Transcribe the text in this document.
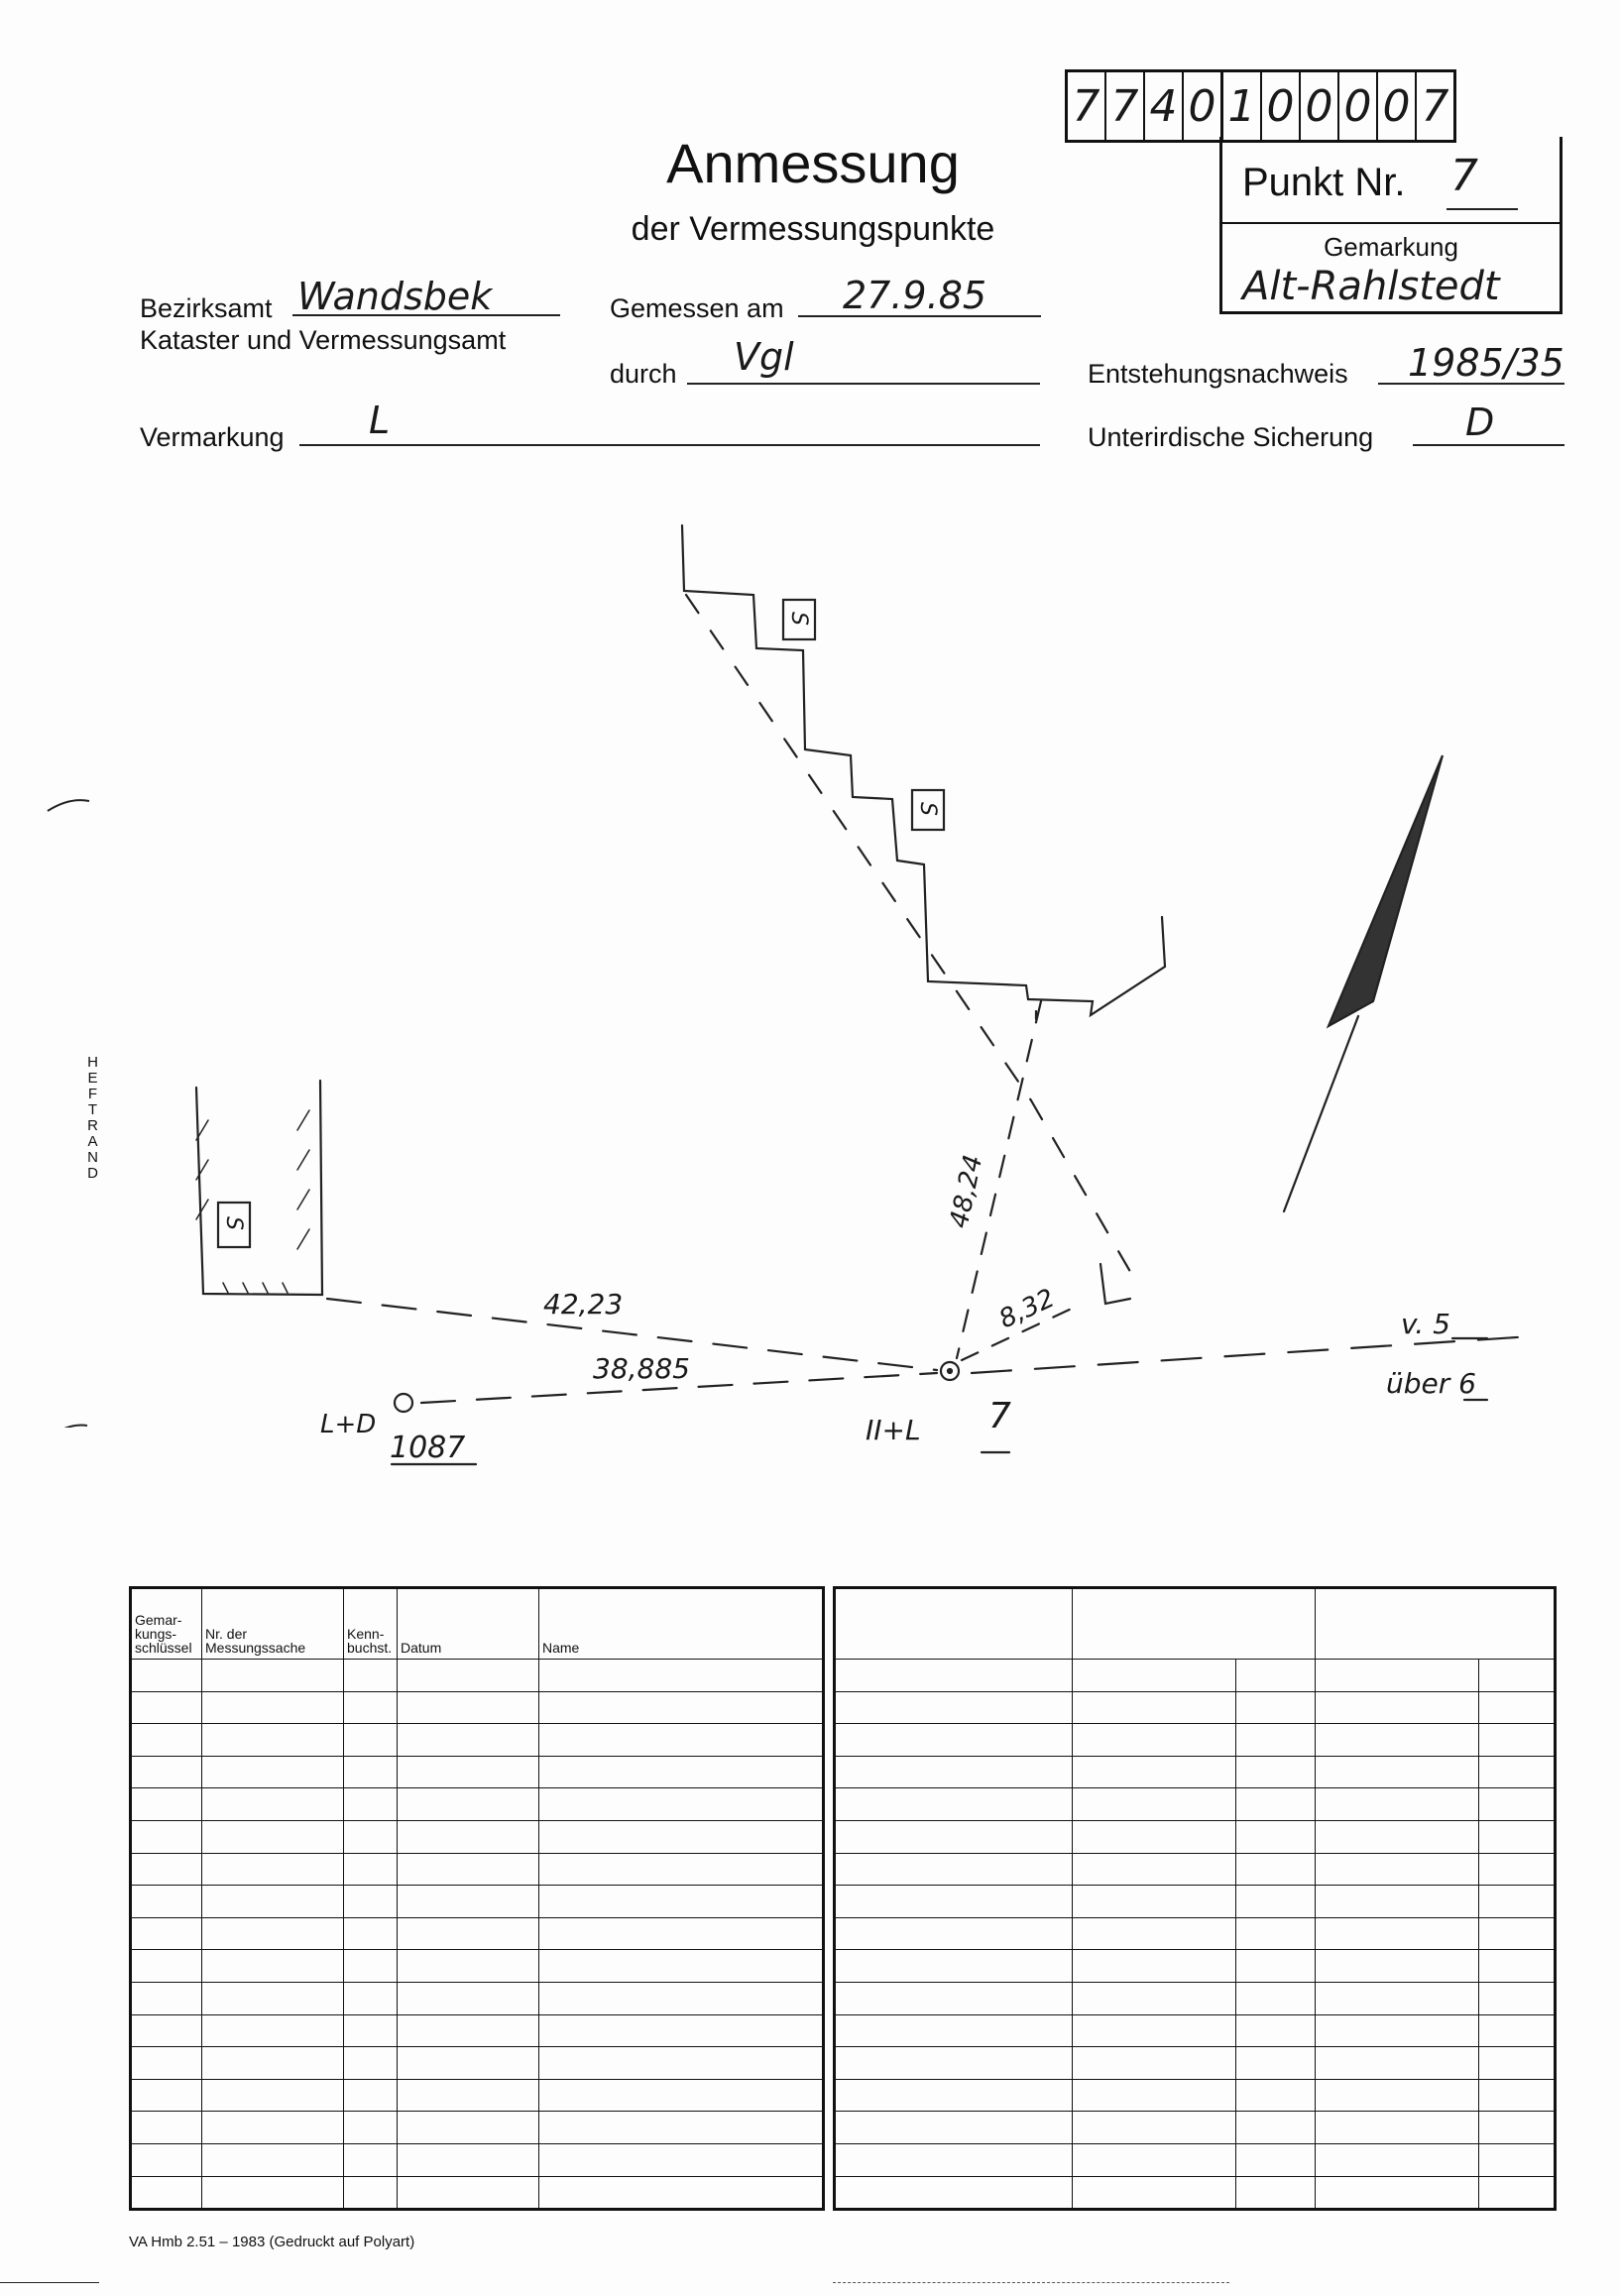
Anmessung
der Vermessungspunkte
7 7 4 0 1 0 0 0 0 7
Punkt Nr. 7
Gemarkung
Alt-Rahlstedt
Bezirksamt Wandsbek
Kataster und Vermessungsamt
Gemessen am 27.9.85
durch Vgl	Entstehungsnachweis 1985/35
Vermarkung L	Unterirdische Sicherung D
42,23
38,885
48,24
8,32
L+D
1087
II+L 7
v. 5
über 6
S
S
S
HEFTRAND
Gemar-kungs-schlüssel	Nr. der Messungssache	Kenn-buchst.	Datum	Name

VA Hmb 2.51 – 1983 (Gedruckt auf Polyart)
